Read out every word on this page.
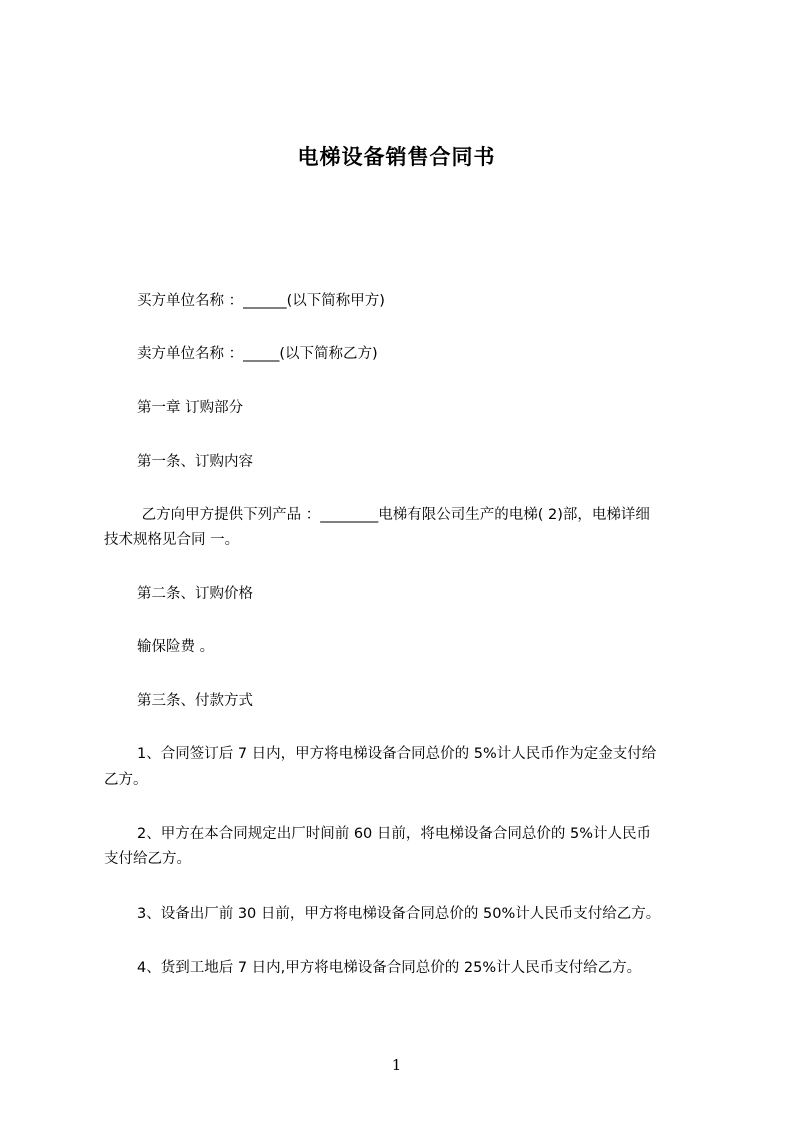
电梯设备销售合同书
买方单位名称 ：______(以下简称甲方)
卖方单位名称 ：_____(以下简称乙方)
第一章 订购部分
第一条、订购内容
乙方向甲方提供下列产品 ：________电梯有限公司生产的电梯( 2)部，电梯详细
技术规格见合同 一。
第二条、订购价格
输保险费 。
第三条、付款方式
1、合同签订后 7 日内，甲方将电梯设备合同总价的 5%计人民币作为定金支付给
乙方。
2、甲方在本合同规定出厂时间前 60 日前，将电梯设备合同总价的 5%计人民币
支付给乙方。
3、设备出厂前 30 日前，甲方将电梯设备合同总价的 50%计人民币支付给乙方。
4、货到工地后 7 日内,甲方将电梯设备合同总价的 25%计人民币支付给乙方。
1
